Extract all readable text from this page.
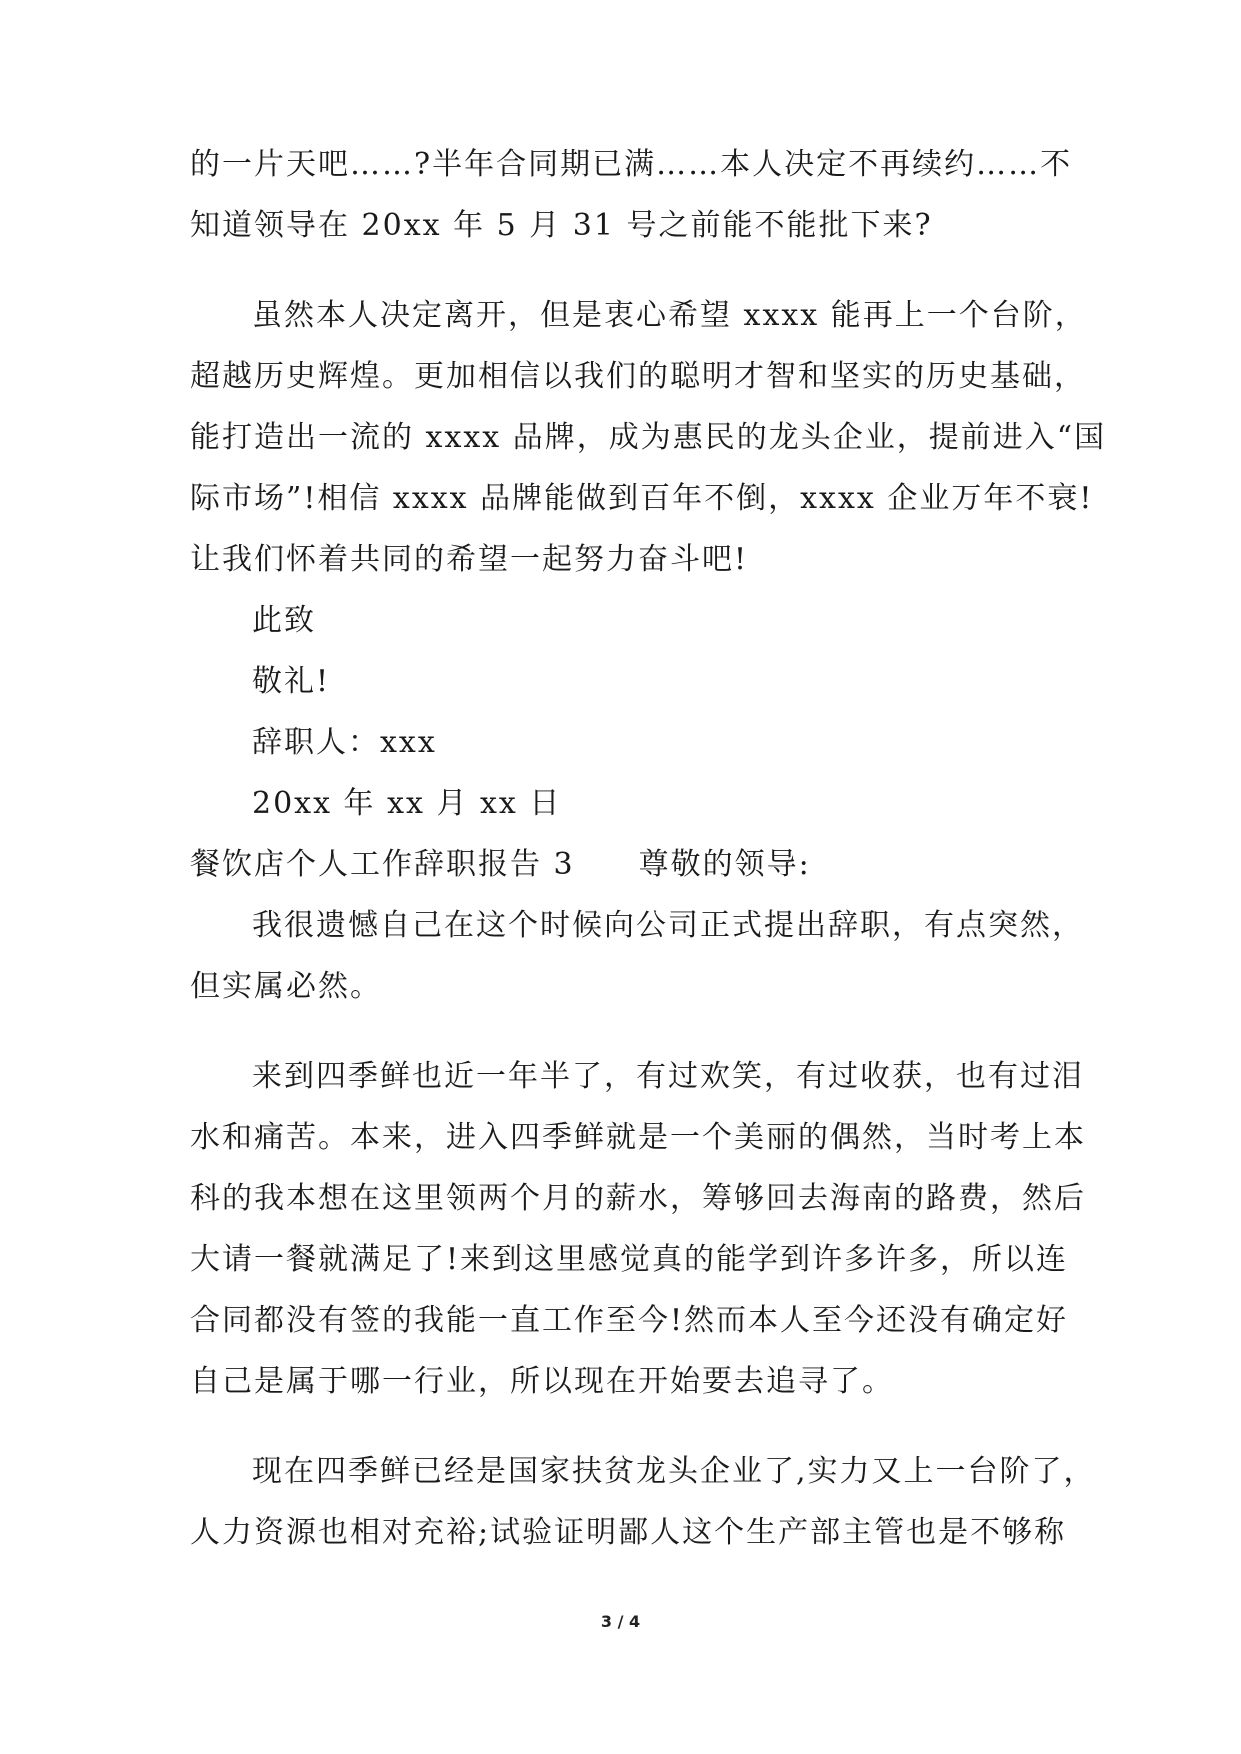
的一片天吧……?半年合同期已满……本人决定不再续约……不
知道领导在 20xx 年 5 月 31 号之前能不能批下来?
虽然本人决定离开，但是衷心希望 xxxx 能再上一个台阶，
超越历史辉煌。更加相信以我们的聪明才智和坚实的历史基础，
能打造出一流的 xxxx 品牌，成为惠民的龙头企业，提前进入“国
际市场”!相信 xxxx 品牌能做到百年不倒，xxxx 企业万年不衰!
让我们怀着共同的希望一起努力奋斗吧!
此致
敬礼!
辞职人：xxx
20xx 年 xx 月 xx 日
餐饮店个人工作辞职报告 3　　尊敬的领导:
我很遗憾自己在这个时候向公司正式提出辞职，有点突然，
但实属必然。
来到四季鲜也近一年半了，有过欢笑，有过收获，也有过泪
水和痛苦。本来，进入四季鲜就是一个美丽的偶然，当时考上本
科的我本想在这里领两个月的薪水，筹够回去海南的路费，然后
大请一餐就满足了!来到这里感觉真的能学到许多许多，所以连
合同都没有签的我能一直工作至今!然而本人至今还没有确定好
自己是属于哪一行业，所以现在开始要去追寻了。
现在四季鲜已经是国家扶贫龙头企业了,实力又上一台阶了，
人力资源也相对充裕;试验证明鄙人这个生产部主管也是不够称
3 / 4
